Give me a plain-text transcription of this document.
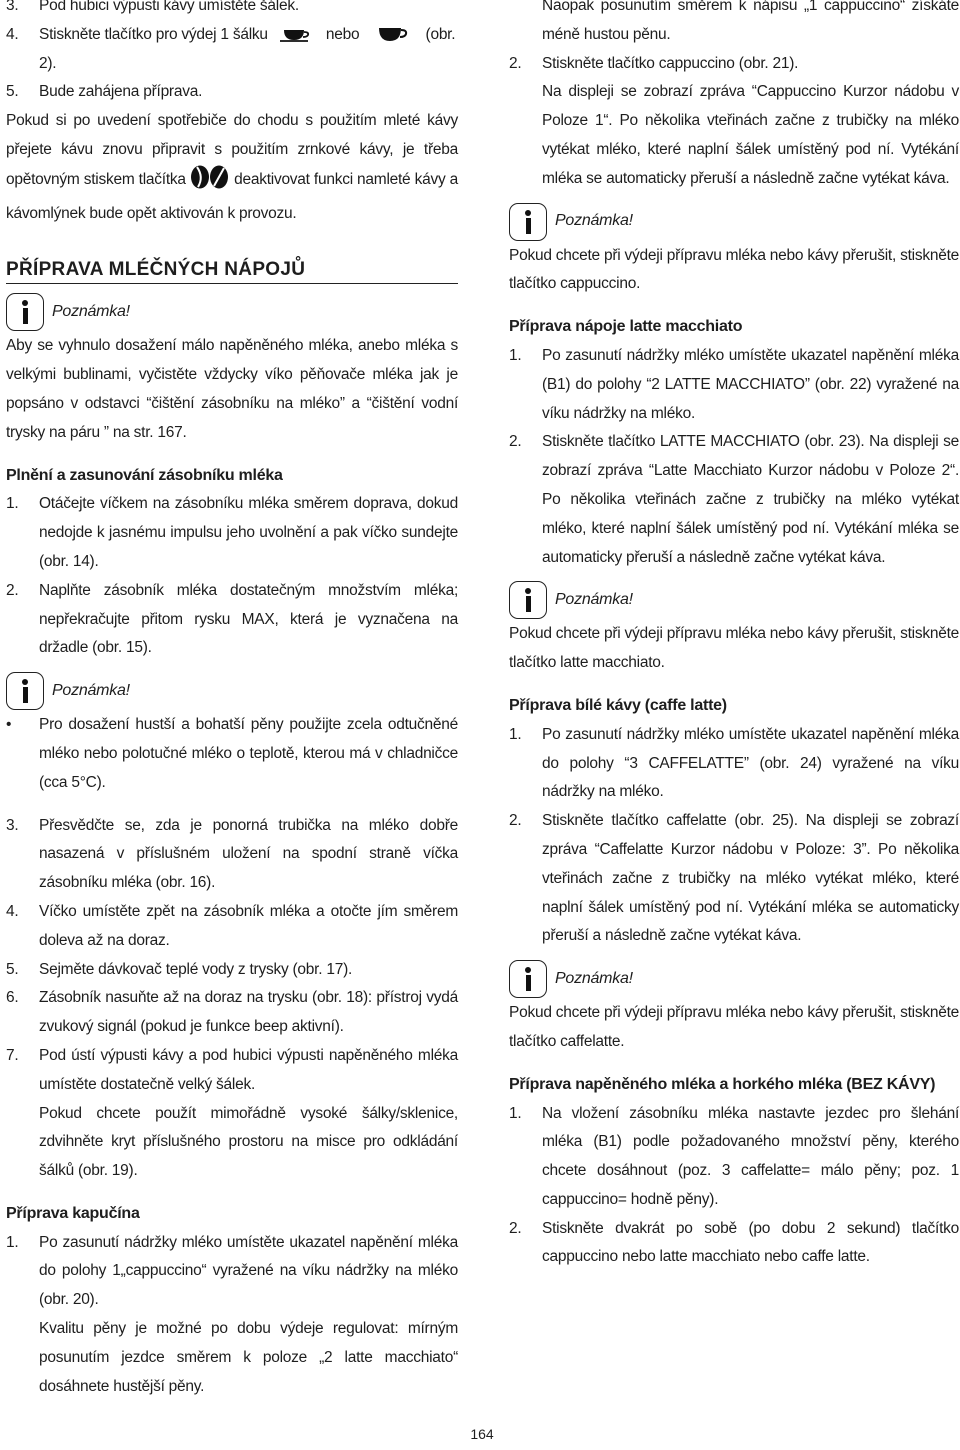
3.	Pod hubici výpusti kávy umístěte šálek.
4.	Stiskněte tlačítko pro výdej 1 šálku	nebo	(obr.
2).
5.	Bude zahájena příprava.

Pokud si po uvedení spotřebiče do chodu s použitím mleté kávy přejete kávu znovu připravit s použitím zrnkové kávy, je třeba opětovným stiskem tlačítka	deaktivovat funkci namleté kávy a kávomlýnek bude opět aktivován k provozu.

PŘÍPRAVA MLÉČNÝCH NÁPOJŮ
Poznámka!

Aby se vyhnulo dosažení málo napěněného mléka, anebo mléka s velkými bublinami, vyčistěte vždycky víko pěňovače mléka jak je popsáno v odstavci “čištění zásobníku na mléko” a “čištění vodní trysky na páru ” na str. 167.

Plnění a zasunování zásobníku mléka
1.	Otáčejte víčkem na zásobníku mléka směrem doprava, dokud nedojde k jasnému impulsu jeho uvolnění a pak víčko sundejte (obr. 14).
2.	Naplňte zásobník mléka dostatečným množstvím mléka; nepřekračujte přitom rysku MAX, která je vyznačena na držadle (obr. 15).
Poznámka!
•	Pro dosažení hustší a bohatší pěny použijte zcela odtučněné mléko nebo polotučné mléko o teplotě, kterou má v chladničce (cca 5°C).
3.	Přesvědčte se, zda je ponorná trubička na mléko dobře nasazená v příslušném uložení na spodní straně víčka zásobníku mléka (obr. 16).
4.	Víčko umístěte zpět na zásobník mléka a otočte jím směrem doleva až na doraz.
5.	Sejměte dávkovač teplé vody z trysky (obr. 17).
6.	Zásobník nasuňte až na doraz na trysku (obr. 18): přístroj vydá zvukový signál (pokud je funkce beep aktivní).
7.	Pod ústí výpusti kávy a pod hubici výpusti napěněného mléka umístěte dostatečně velký šálek.

Pokud chcete použít mimořádně vysoké šálky/sklenice, zdvihněte kryt příslušného prostoru na misce pro odkládání šálků (obr. 19).

Příprava kapučína
1.	Po zasunutí nádržky mléko umístěte ukazatel napěnění mléka do polohy 1„cappuccino“ vyražené na víku nádržky na mléko (obr. 20).

Kvalitu pěny je možné po dobu výdeje regulovat: mírným posunutím jezdce směrem k poloze „2 latte macchiato“ dosáhnete hustější pěny.

Naopak posunutím směrem k nápisu „1 cappuccino“ získáte méně hustou pěnu.

2.	Stiskněte tlačítko cappuccino (obr. 21).

Na displeji se zobrazí zpráva “Cappuccino Kurzor nádobu v Poloze 1“. Po několika vteřinách začne z trubičky na mléko vytékat mléko, které naplní šálek umístěný pod ní. Vytékání mléka se automaticky přeruší a následně začne vytékat káva.

Poznámka!

Pokud chcete při výdeji přípravu mléka nebo kávy přerušit, stiskněte tlačítko cappuccino.

Příprava nápoje latte macchiato
1.	Po zasunutí nádržky mléko umístěte ukazatel napěnění mléka (B1) do polohy “2 LATTE MACCHIATO” (obr. 22) vyražené na víku nádržky na mléko.
2.	Stiskněte tlačítko LATTE MACCHIATO (obr. 23). Na displeji se zobrazí zpráva “Latte Macchiato Kurzor nádobu v Poloze 2“. Po několika vteřinách začne z trubičky na mléko vytékat mléko, které naplní šálek umístěný pod ní. Vytékání mléka se automaticky přeruší a následně začne vytékat káva.
Poznámka!

Pokud chcete při výdeji přípravu mléka nebo kávy přerušit, stiskněte tlačítko latte macchiato.

Příprava bílé kávy (caffe latte)
1.	Po zasunutí nádržky mléko umístěte ukazatel napěnění mléka do polohy “3 CAFFELATTE” (obr. 24) vyražené na víku nádržky na mléko.
2.	Stiskněte tlačítko caffelatte (obr. 25). Na displeji se zobrazí zpráva “Caffelatte Kurzor nádobu v Poloze: 3”. Po několika vteřinách začne z trubičky na mléko vytékat mléko, které naplní šálek umístěný pod ní. Vytékání mléka se automaticky přeruší a následně začne vytékat káva.
Poznámka!

Pokud chcete při výdeji přípravu mléka nebo kávy přerušit, stiskněte tlačítko caffelatte.

Příprava napěněného mléka a horkého mléka (BEZ KÁVY)
1.	Na vložení zásobníku mléka nastavte jezdec pro šlehání mléka (B1) podle požadovaného množství pěny, kterého chcete dosáhnout (poz. 3 caffelatte= málo pěny; poz. 1 cappuccino= hodně pěny).
2.	Stiskněte dvakrát po sobě (po dobu 2 sekund) tlačítko cappuccino nebo latte macchiato nebo caffe latte.
164
